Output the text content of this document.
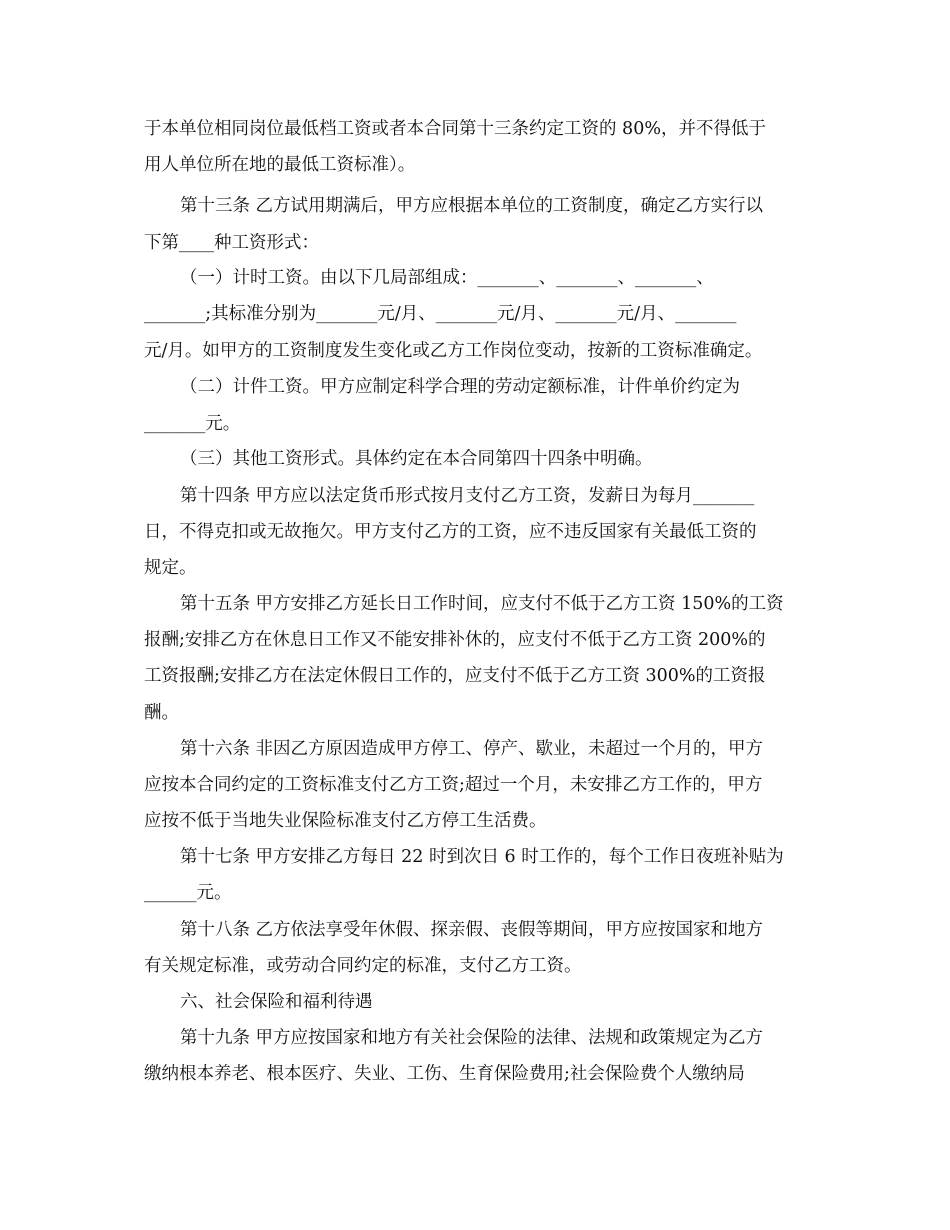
于本单位相同岗位最低档工资或者本合同第十三条约定工资的 80%，并不得低于
用人单位所在地的最低工资标准）。
第十三条 乙方试用期满后，甲方应根据本单位的工资制度，确定乙方实行以
下第____种工资形式：
（一）计时工资。由以下几局部组成：_______、_______、_______、
_______;其标准分别为_______元/月、_______元/月、_______元/月、_______
元/月。如甲方的工资制度发生变化或乙方工作岗位变动，按新的工资标准确定。
（二）计件工资。甲方应制定科学合理的劳动定额标准，计件单价约定为
_______元。
（三）其他工资形式。具体约定在本合同第四十四条中明确。
第十四条 甲方应以法定货币形式按月支付乙方工资，发薪日为每月_______
日，不得克扣或无故拖欠。甲方支付乙方的工资，应不违反国家有关最低工资的
规定。
第十五条 甲方安排乙方延长日工作时间，应支付不低于乙方工资 150%的工资
报酬;安排乙方在休息日工作又不能安排补休的，应支付不低于乙方工资 200%的
工资报酬;安排乙方在法定休假日工作的，应支付不低于乙方工资 300%的工资报
酬。
第十六条 非因乙方原因造成甲方停工、停产、歇业，未超过一个月的，甲方
应按本合同约定的工资标准支付乙方工资;超过一个月，未安排乙方工作的，甲方
应按不低于当地失业保险标准支付乙方停工生活费。
第十七条 甲方安排乙方每日 22 时到次日 6 时工作的，每个工作日夜班补贴为
______元。
第十八条 乙方依法享受年休假、探亲假、丧假等期间，甲方应按国家和地方
有关规定标准，或劳动合同约定的标准，支付乙方工资。
六、社会保险和福利待遇
第十九条 甲方应按国家和地方有关社会保险的法律、法规和政策规定为乙方
缴纳根本养老、根本医疗、失业、工伤、生育保险费用;社会保险费个人缴纳局
